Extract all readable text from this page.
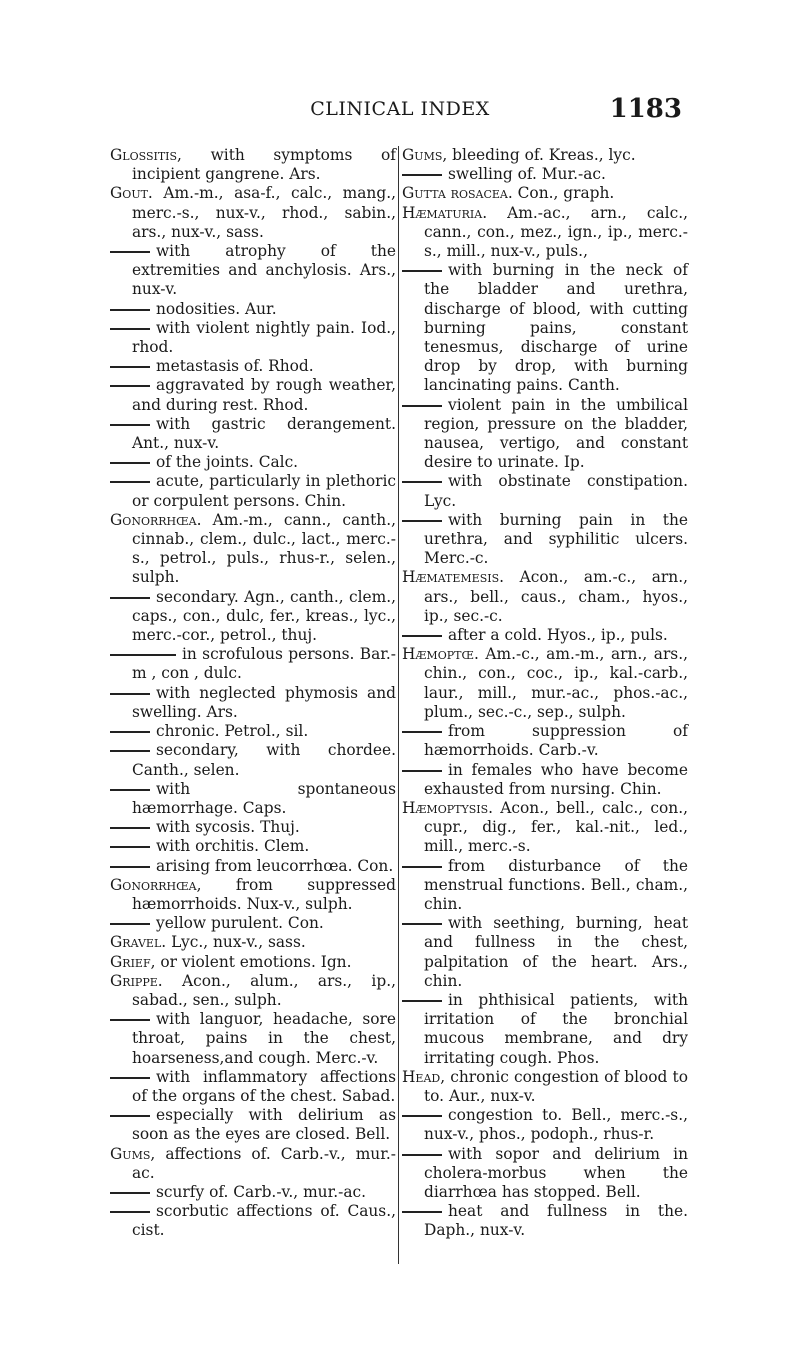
CLINICAL INDEX	1183
Glossitis, with symptoms of incipient gangrene. Ars.
Gout. Am.-m., asa-f., calc., mang., merc.-s., nux-v., rhod., sabin., ars., nux-v., sass.
with atrophy of the extremities and anchylosis. Ars., nux-v.
nodosities. Aur.
with violent nightly pain. Iod., rhod.
metastasis of. Rhod.
aggravated by rough weather, and during rest. Rhod.
with gastric derangement. Ant., nux-v.
of the joints. Calc.
acute, particularly in plethoric or corpulent persons. Chin.
Gonorrhœa. Am.-m., cann., canth., cinnab., clem., dulc., lact., merc.-s., petrol., puls., rhus-r., selen., sulph.
secondary. Agn., canth., clem., caps., con., dulc, fer., kreas., lyc., merc.-cor., petrol., thuj.
in scrofulous persons. Bar.-m , con , dulc.
with neglected phymosis and swelling. Ars.
chronic. Petrol., sil.
secondary, with chordee. Canth., selen.
with spontaneous hæmorrhage. Caps.
with sycosis. Thuj.
with orchitis. Clem.
arising from leucorrhœa. Con.
Gonorrhœa, from suppressed hæmorrhoids. Nux-v., sulph.
yellow purulent. Con.
Gravel. Lyc., nux-v., sass.
Grief, or violent emotions. Ign.
Grippe. Acon., alum., ars., ip., sabad., sen., sulph.
with languor, headache, sore throat, pains in the chest, hoarseness,and cough. Merc.-v.
with inflammatory affections of the organs of the chest. Sabad.
especially with delirium as soon as the eyes are closed. Bell.
Gums, affections of. Carb.-v., mur.-ac.
scurfy of. Carb.-v., mur.-ac.
scorbutic affections of. Caus., cist.
Gums, bleeding of. Kreas., lyc.
swelling of. Mur.-ac.
Gutta rosacea. Con., graph.
Hæmaturia. Am.-ac., arn., calc., cann., con., mez., ign., ip., merc.-s., mill., nux-v., puls.,
with burning in the neck of the bladder and urethra, discharge of blood, with cutting burning pains, constant tenesmus, discharge of urine drop by drop, with burning lancinating pains. Canth.
violent pain in the umbilical region, pressure on the bladder, nausea, vertigo, and constant desire to urinate. Ip.
with obstinate constipation. Lyc.
with burning pain in the urethra, and syphilitic ulcers. Merc.-c.
Hæmatemesis. Acon., am.-c., arn., ars., bell., caus., cham., hyos., ip., sec.-c.
after a cold. Hyos., ip., puls.
Hæmoptœ. Am.-c., am.-m., arn., ars., chin., con., coc., ip., kal.-carb., laur., mill., mur.-ac., phos.-ac., plum., sec.-c., sep., sulph.
from suppression of hæmorrhoids. Carb.-v.
in females who have become exhausted from nursing. Chin.
Hæmoptysis. Acon., bell., calc., con., cupr., dig., fer., kal.-nit., led., mill., merc.-s.
from disturbance of the menstrual functions. Bell., cham., chin.
with seething, burning, heat and fullness in the chest, palpitation of the heart. Ars., chin.
in phthisical patients, with irritation of the bronchial mucous membrane, and dry irritating cough. Phos.
Head, chronic congestion of blood to to. Aur., nux-v.
congestion to. Bell., merc.-s., nux-v., phos., podoph., rhus-r.
with sopor and delirium in cholera-morbus when the diarrhœa has stopped. Bell.
heat and fullness in the. Daph., nux-v.
